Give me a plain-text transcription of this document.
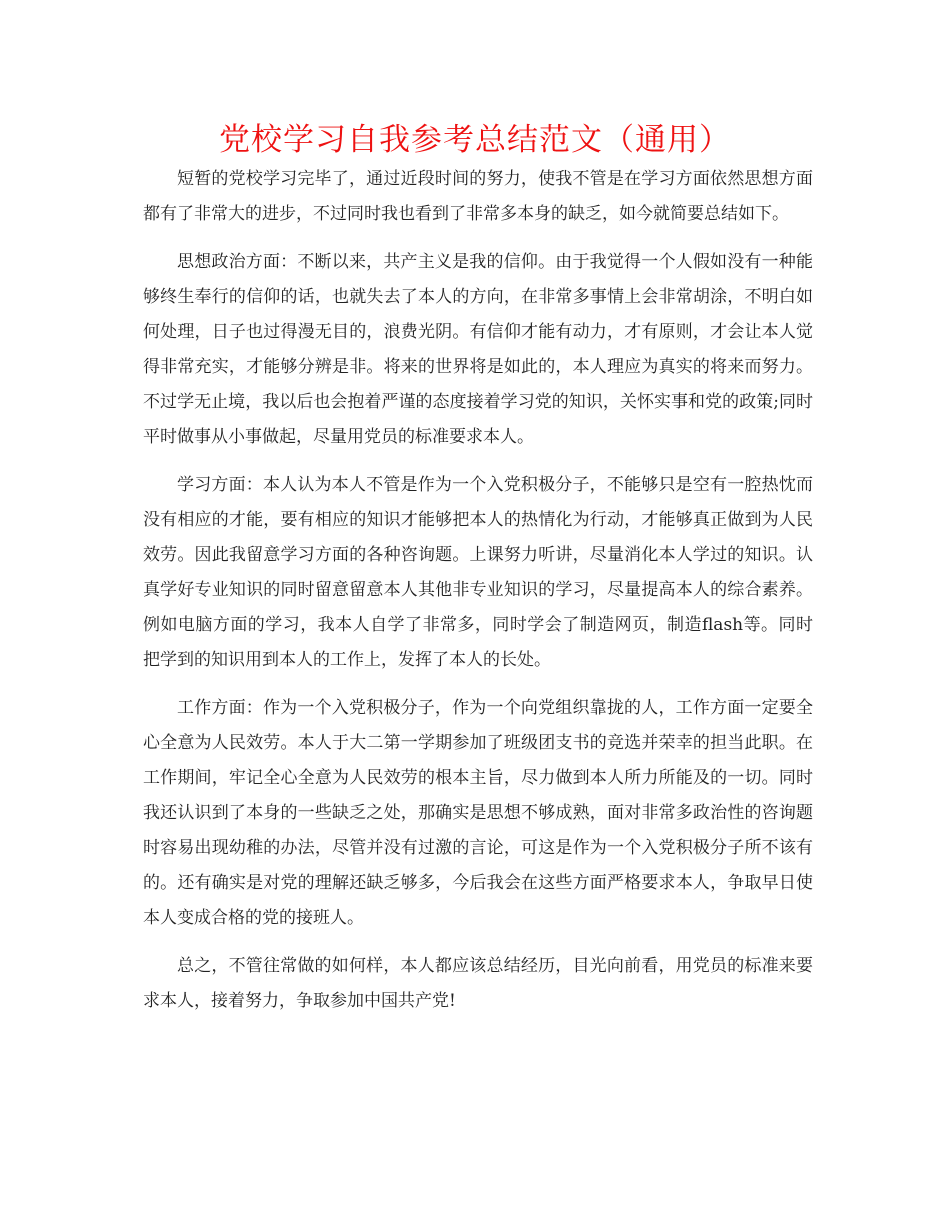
党校学习自我参考总结范文（通用）

短暂的党校学习完毕了，通过近段时间的努力，使我不管是在学习方面依然思想方面都有了非常大的进步，不过同时我也看到了非常多本身的缺乏，如今就简要总结如下。

思想政治方面：不断以来，共产主义是我的信仰。由于我觉得一个人假如没有一种能够终生奉行的信仰的话，也就失去了本人的方向，在非常多事情上会非常胡涂，不明白如何处理，日子也过得漫无目的，浪费光阴。有信仰才能有动力，才有原则，才会让本人觉得非常充实，才能够分辨是非。将来的世界将是如此的，本人理应为真实的将来而努力。不过学无止境，我以后也会抱着严谨的态度接着学习党的知识，关怀实事和党的政策;同时平时做事从小事做起，尽量用党员的标准要求本人。

学习方面：本人认为本人不管是作为一个入党积极分子，不能够只是空有一腔热忱而没有相应的才能，要有相应的知识才能够把本人的热情化为行动，才能够真正做到为人民效劳。因此我留意学习方面的各种咨询题。上课努力听讲，尽量消化本人学过的知识。认真学好专业知识的同时留意留意本人其他非专业知识的学习，尽量提高本人的综合素养。例如电脑方面的学习，我本人自学了非常多，同时学会了制造网页，制造flash等。同时把学到的知识用到本人的工作上，发挥了本人的长处。

工作方面：作为一个入党积极分子，作为一个向党组织靠拢的人，工作方面一定要全心全意为人民效劳。本人于大二第一学期参加了班级团支书的竞选并荣幸的担当此职。在工作期间，牢记全心全意为人民效劳的根本主旨，尽力做到本人所力所能及的一切。同时我还认识到了本身的一些缺乏之处，那确实是思想不够成熟，面对非常多政治性的咨询题时容易出现幼稚的办法，尽管并没有过激的言论，可这是作为一个入党积极分子所不该有的。还有确实是对党的理解还缺乏够多，今后我会在这些方面严格要求本人，争取早日使本人变成合格的党的接班人。

总之，不管往常做的如何样，本人都应该总结经历，目光向前看，用党员的标准来要求本人，接着努力，争取参加中国共产党!
